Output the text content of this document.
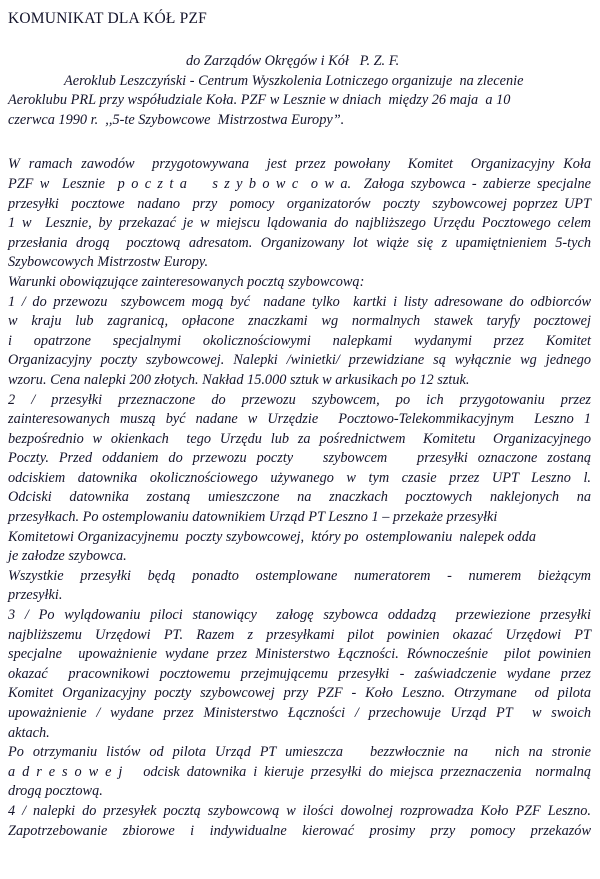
KOMUNIKAT DLA KÓŁ PZF
do Zarządów Okręgów i Kół   P. Z. F.
Aeroklub Leszczyński - Centrum Wyszkolenia Lotniczego organizuje  na zlecenie
Aeroklubu PRL przy współudziale Koła. PZF w Lesznie w dniach  między 26 maja  a 10
czerwca 1990 r.  ,,5-te Szybowcowe  Mistrzostwa Europy”.

W ramach zawodów  przygotowywana  jest przez powołany  Komitet  Organizacyjny Koła
PZF w  Lesznie  p o c z t a    s z y b o w c  o w a.  Załoga szybowca - zabierze specjalne
przesyłki  pocztowe  nadano  przy  pomocy  organizatorów  poczty  szybowcowej poprzez UPT
1 w  Lesznie, by przekazać je w miejscu lądowania do najbliższego Urzędu Pocztowego celem
przesłania drogą  pocztową adresatom. Organizowany lot wiąże się z upamiętnieniem 5-tych
Szybowcowych Mistrzostw Europy.

Warunki obowiązujące zainteresowanych pocztą szybowcową:

1 / do przewozu  szybowcem mogą być  nadane tylko  kartki i listy adresowane do odbiorców
w kraju lub zagranicą, opłacone znaczkami wg normalnych stawek taryfy pocztowej
i opatrzone specjalnymi okolicznościowymi nalepkami wydanymi przez Komitet
Organizacyjny poczty szybowcowej. Nalepki /winietki/ przewidziane są wyłącznie wg jednego
wzoru. Cena nalepki 200 złotych. Nakład 15.000 sztuk w arkusikach po 12 sztuk.

2 / przesyłki przeznaczone do przewozu szybowcem, po ich przygotowaniu przez
zainteresowanych muszą być nadane w Urzędzie  Pocztowo-Telekommikacyjnym  Leszno 1
bezpośrednio w okienkach  tego Urzędu lub za pośrednictwem  Komitetu  Organizacyjnego
Poczty. Przed oddaniem do przewozu poczty   szybowcem   przesyłki oznaczone zostaną
odciskiem datownika okolicznościowego używanego w tym czasie przez UPT Leszno l.
Odciski datownika zostaną umieszczone na znaczkach pocztowych naklejonych na
przesyłkach. Po ostemplowaniu datownikiem Urząd PT Leszno 1 – przekaże przesyłki
Komitetowi Organizacyjnemu  poczty szybowcowej,  który po  ostemplowaniu  nalepek odda
je załodze szybowca.

Wszystkie  przesyłki  będą  ponadto  ostemplowane  numeratorem  -  numerem  bieżącym
przesyłki.

3 / Po wylądowaniu piloci stanowiący  załogę szybowca oddadzą  przewiezione przesyłki
najbliższemu Urzędowi PT. Razem z przesyłkami pilot powinien okazać Urzędowi PT
specjalne  upoważnienie wydane przez Ministerstwo Łączności. Równocześnie  pilot powinien
okazać  pracownikowi pocztowemu przejmującemu przesyłki - zaświadczenie wydane przez
Komitet Organizacyjny poczty szybowcowej przy PZF - Koło Leszno. Otrzymane  od pilota
upoważnienie / wydane przez Ministerstwo Łączności / przechowuje Urząd PT  w swoich
aktach.

Po otrzymaniu listów od pilota Urząd PT umieszcza   bezzwłocznie na   nich na stronie
a d r e s o w e j   odcisk datownika i kieruje przesyłki do miejsca przeznaczenia  normalną
drogą pocztową.

4 / nalepki do przesyłek pocztą szybowcową w ilości dowolnej rozprowadza Koło PZF Leszno.
Zapotrzebowanie  zbiorowe  i  indywidualne  kierować  prosimy  przy  pomocy  przekazów
